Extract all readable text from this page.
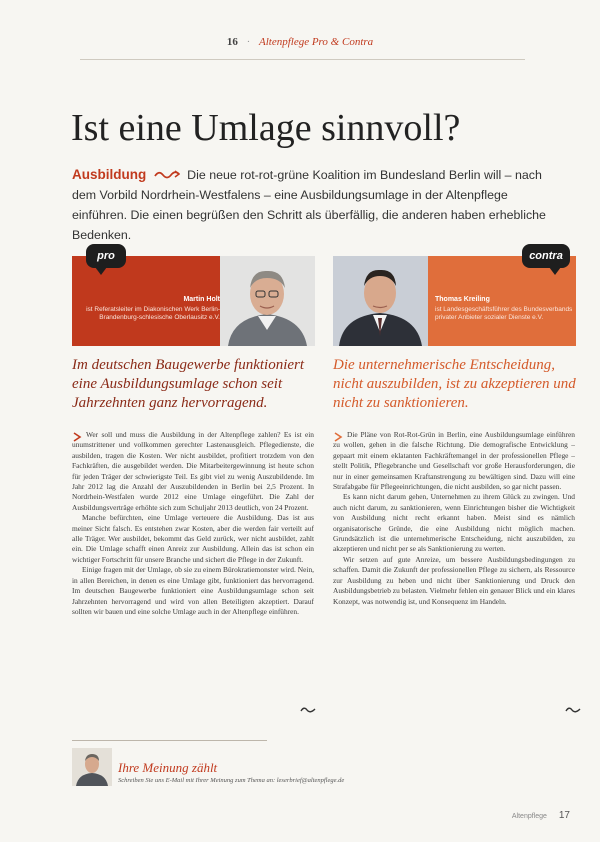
16 · Altenpflege Pro & Contra
Ist eine Umlage sinnvoll?
Ausbildung	Die neue rot-rot-grüne Koalition im Bundesland Berlin will – nach dem Vorbild Nordrhein-Westfalens – eine Ausbildungsumlage in der Altenpflege einführen. Die einen begrüßen den Schritt als überfällig, die anderen haben erhebliche Bedenken.
Martin Holt
ist Referatsleiter im Diakonischen Werk Berlin-Brandenburg-schlesische Oberlausitz e.V.
pro
Thomas Kreiling
ist Landesgeschäftsführer des Bundesverbands privater Anbieter sozialer Dienste e.V.
contra
Im deutschen Baugewerbe funktioniert eine Ausbildungsumlage schon seit Jahrzehnten ganz hervorragend.
Die unternehmerische Entscheidung, nicht auszubilden, ist zu akzeptieren und nicht zu sanktionieren.

Wer soll und muss die Ausbildung in der Altenpflege zahlen? Es ist ein unumstrittener und vollkommen gerechter Lastenausgleich. Pflegedienste, die ausbilden, tragen die Kosten. Wer nicht ausbildet, profitiert trotzdem von den Fachkräften, die ausgebildet werden. Die Mitarbeitergewinnung ist heute schon für jeden Träger der schwierigste Teil. Es gibt viel zu wenig Auszubildende. Im Jahr 2012 lag die Anzahl der Auszubildenden in Berlin bei 2,5 Prozent. In Nordrhein-Westfalen wurde 2012 eine Umlage eingeführt. Die Zahl der Ausbildungsverträge erhöhte sich zum Schuljahr 2013 deutlich, von 24 Prozent.

Manche befürchten, eine Umlage verteuere die Ausbildung. Das ist aus meiner Sicht falsch. Es entstehen zwar Kosten, aber die werden fair verteilt auf alle Träger. Wer ausbildet, bekommt das Geld zurück, wer nicht ausbildet, zahlt ein. Die Umlage schafft einen Anreiz zur Ausbildung. Allein das ist schon ein wichtiger Fortschritt für unsere Branche und sichert die Pflege in der Zukunft.

Einige fragen mit der Umlage, ob sie zu einem Bürokratiemonster wird. Nein, in allen Bereichen, in denen es eine Umlage gibt, funktioniert das hervorragend. Im deutschen Baugewerbe funktioniert eine Ausbildungsumlage schon seit Jahrzehnten hervorragend und wird von allen Beteiligten akzeptiert. Darauf sollten wir bauen und eine solche Umlage auch in der Altenpflege einführen.

Die Pläne von Rot-Rot-Grün in Berlin, eine Ausbildungsumlage einführen zu wollen, gehen in die falsche Richtung. Die demografische Entwicklung – gepaart mit einem eklatanten Fachkräftemangel in der professionellen Pflege – stellt Politik, Pflegebranche und Gesellschaft vor große Herausforderungen, die nur in einer gemeinsamen Kraftanstrengung zu bewältigen sind. Dazu will eine Strafabgabe für Pflegeeinrichtungen, die nicht ausbilden, so gar nicht passen.

Es kann nicht darum gehen, Unternehmen zu ihrem Glück zu zwingen. Und auch nicht darum, zu sanktionieren, wenn Einrichtungen bisher die Wichtigkeit von Ausbildung nicht recht erkannt haben. Meist sind es nämlich organisatorische Gründe, die eine Ausbildung nicht möglich machen. Grundsätzlich ist die unternehmerische Entscheidung, nicht auszubilden, zu akzeptieren und nicht per se als Sanktionierung zu werten.

Wir setzen auf gute Anreize, um bessere Ausbildungsbedingungen zu schaffen. Damit die Zukunft der professionellen Pflege zu sichern, als Ressource zur Ausbildung zu heben und nicht über Sanktionierung und Druck den Ausbildungsbetrieb zu belasten. Vielmehr fehlen ein genauer Blick und ein klares Konzept, was notwendig ist, und Konsequenz im Handeln.

Ihre Meinung zählt
Schreiben Sie uns E-Mail mit Ihrer Meinung zum Thema an: leserbrief@altenpflege.de
Altenpflege 17
